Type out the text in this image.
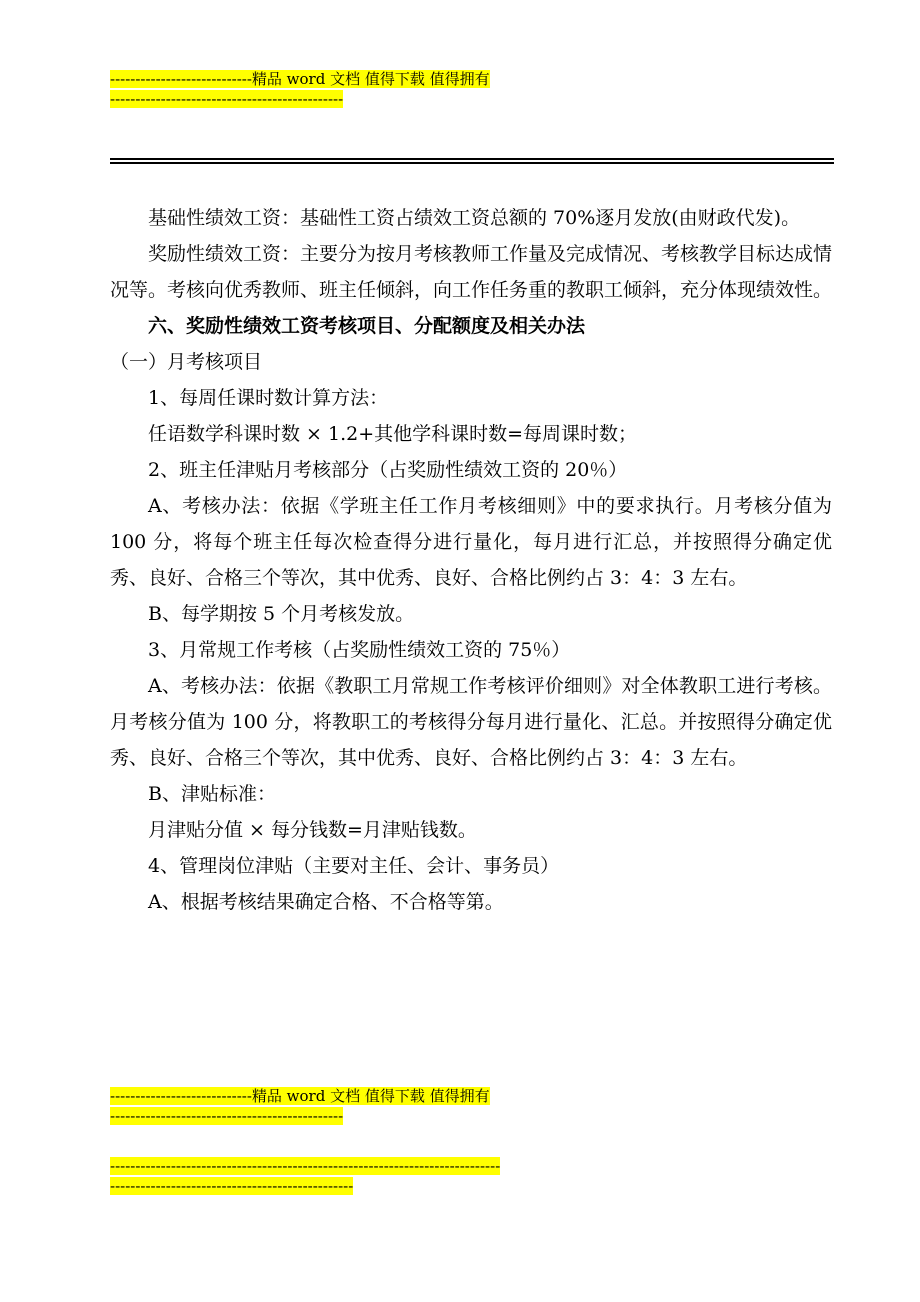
----------------------------精品 word 文档 值得下载 值得拥有
----------------------------------------------

基础性绩效工资：基础性工资占绩效工资总额的 70%逐月发放(由财政代发)。

奖励性绩效工资：主要分为按月考核教师工作量及完成情况、考核教学目标达成情况等。考核向优秀教师、班主任倾斜，向工作任务重的教职工倾斜，充分体现绩效性。

六、奖励性绩效工资考核项目、分配额度及相关办法

（一）月考核项目

1、每周任课时数计算方法：

任语数学科课时数 × 1.2+其他学科课时数=每周课时数；

2、班主任津贴月考核部分（占奖励性绩效工资的 20％）

A、考核办法：依据《学班主任工作月考核细则》中的要求执行。月考核分值为 100 分，将每个班主任每次检查得分进行量化，每月进行汇总，并按照得分确定优秀、良好、合格三个等次，其中优秀、良好、合格比例约占 3：4：3 左右。

B、每学期按 5 个月考核发放。

3、月常规工作考核（占奖励性绩效工资的 75％）

A、考核办法：依据《教职工月常规工作考核评价细则》对全体教职工进行考核。月考核分值为 100 分，将教职工的考核得分每月进行量化、汇总。并按照得分确定优秀、良好、合格三个等次，其中优秀、良好、合格比例约占 3：4：3 左右。

B、津贴标准：

月津贴分值 × 每分钱数=月津贴钱数。

4、管理岗位津贴（主要对主任、会计、事务员）

A、根据考核结果确定合格、不合格等第。

----------------------------精品 word 文档 值得下载 值得拥有
----------------------------------------------
-----------------------------------------------------------------------------
------------------------------------------------
